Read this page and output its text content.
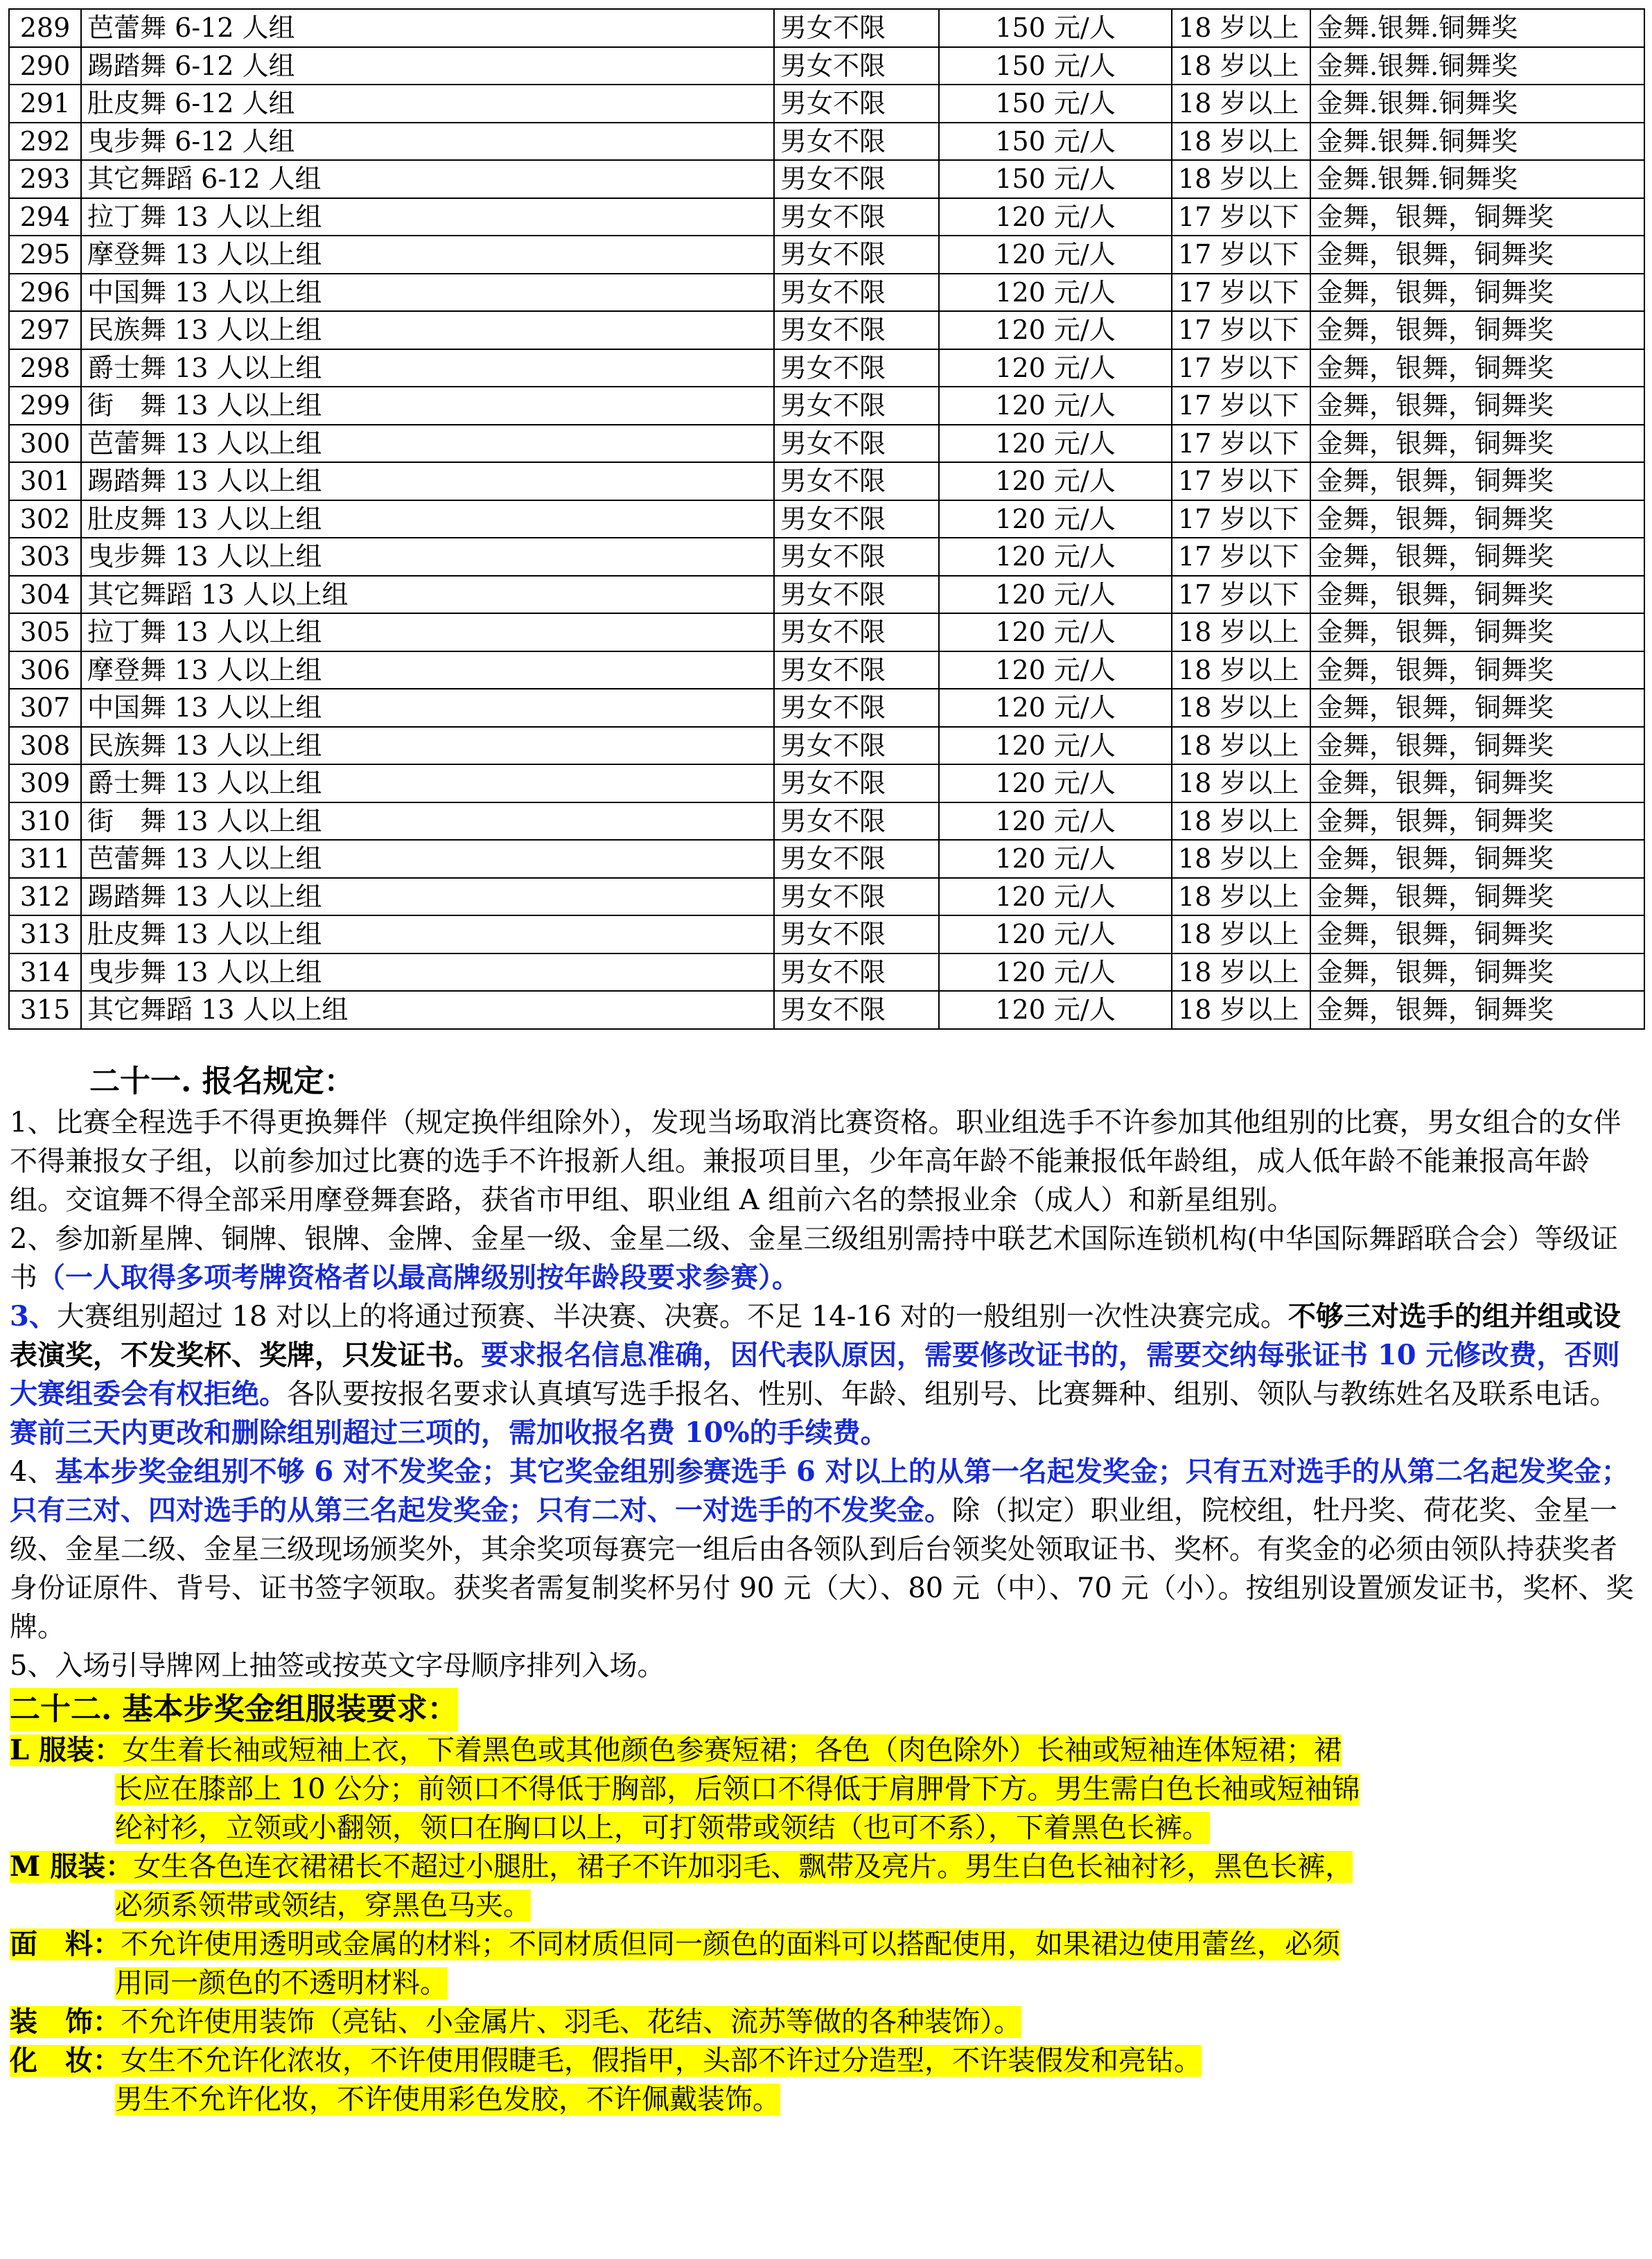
289	芭蕾舞 6-12 人组	男女不限	150 元/人	18 岁以上	金舞.银舞.铜舞奖
290	踢踏舞 6-12 人组	男女不限	150 元/人	18 岁以上	金舞.银舞.铜舞奖
291	肚皮舞 6-12 人组	男女不限	150 元/人	18 岁以上	金舞.银舞.铜舞奖
292	曳步舞 6-12 人组	男女不限	150 元/人	18 岁以上	金舞.银舞.铜舞奖
293	其它舞蹈 6-12 人组	男女不限	150 元/人	18 岁以上	金舞.银舞.铜舞奖
294	拉丁舞 13 人以上组	男女不限	120 元/人	17 岁以下	金舞，银舞，铜舞奖
295	摩登舞 13 人以上组	男女不限	120 元/人	17 岁以下	金舞，银舞，铜舞奖
296	中国舞 13 人以上组	男女不限	120 元/人	17 岁以下	金舞，银舞，铜舞奖
297	民族舞 13 人以上组	男女不限	120 元/人	17 岁以下	金舞，银舞，铜舞奖
298	爵士舞 13 人以上组	男女不限	120 元/人	17 岁以下	金舞，银舞，铜舞奖
299	街　舞 13 人以上组	男女不限	120 元/人	17 岁以下	金舞，银舞，铜舞奖
300	芭蕾舞 13 人以上组	男女不限	120 元/人	17 岁以下	金舞，银舞，铜舞奖
301	踢踏舞 13 人以上组	男女不限	120 元/人	17 岁以下	金舞，银舞，铜舞奖
302	肚皮舞 13 人以上组	男女不限	120 元/人	17 岁以下	金舞，银舞，铜舞奖
303	曳步舞 13 人以上组	男女不限	120 元/人	17 岁以下	金舞，银舞，铜舞奖
304	其它舞蹈 13 人以上组	男女不限	120 元/人	17 岁以下	金舞，银舞，铜舞奖
305	拉丁舞 13 人以上组	男女不限	120 元/人	18 岁以上	金舞，银舞，铜舞奖
306	摩登舞 13 人以上组	男女不限	120 元/人	18 岁以上	金舞，银舞，铜舞奖
307	中国舞 13 人以上组	男女不限	120 元/人	18 岁以上	金舞，银舞，铜舞奖
308	民族舞 13 人以上组	男女不限	120 元/人	18 岁以上	金舞，银舞，铜舞奖
309	爵士舞 13 人以上组	男女不限	120 元/人	18 岁以上	金舞，银舞，铜舞奖
310	街　舞 13 人以上组	男女不限	120 元/人	18 岁以上	金舞，银舞，铜舞奖
311	芭蕾舞 13 人以上组	男女不限	120 元/人	18 岁以上	金舞，银舞，铜舞奖
312	踢踏舞 13 人以上组	男女不限	120 元/人	18 岁以上	金舞，银舞，铜舞奖
313	肚皮舞 13 人以上组	男女不限	120 元/人	18 岁以上	金舞，银舞，铜舞奖
314	曳步舞 13 人以上组	男女不限	120 元/人	18 岁以上	金舞，银舞，铜舞奖
315	其它舞蹈 13 人以上组	男女不限	120 元/人	18 岁以上	金舞，银舞，铜舞奖

二十一. 报名规定：

1、比赛全程选手不得更换舞伴（规定换伴组除外），发现当场取消比赛资格。职业组选手不许参加其他组别的比赛，男女组合的女伴不得兼报女子组，以前参加过比赛的选手不许报新人组。兼报项目里，少年高年龄不能兼报低年龄组，成人低年龄不能兼报高年龄组。交谊舞不得全部采用摩登舞套路，获省市甲组、职业组 A 组前六名的禁报业余（成人）和新星组别。

2、参加新星牌、铜牌、银牌、金牌、金星一级、金星二级、金星三级组别需持中联艺术国际连锁机构(中华国际舞蹈联合会）等级证书（一人取得多项考牌资格者以最高牌级别按年龄段要求参赛）。

3、大赛组别超过 18 对以上的将通过预赛、半决赛、决赛。不足 14-16 对的一般组别一次性决赛完成。不够三对选手的组并组或设表演奖，不发奖杯、奖牌，只发证书。要求报名信息准确，因代表队原因，需要修改证书的，需要交纳每张证书 10 元修改费，否则大赛组委会有权拒绝。各队要按报名要求认真填写选手报名、性别、年龄、组别号、比赛舞种、组别、领队与教练姓名及联系电话。赛前三天内更改和删除组别超过三项的，需加收报名费 10%的手续费。

4、基本步奖金组别不够 6 对不发奖金；其它奖金组别参赛选手 6 对以上的从第一名起发奖金；只有五对选手的从第二名起发奖金；只有三对、四对选手的从第三名起发奖金；只有二对、一对选手的不发奖金。除（拟定）职业组，院校组，牡丹奖、荷花奖、金星一级、金星二级、金星三级现场颁奖外，其余奖项每赛完一组后由各领队到后台领奖处领取证书、奖杯。有奖金的必须由领队持获奖者身份证原件、背号、证书签字领取。获奖者需复制奖杯另付 90 元（大）、80 元（中）、70 元（小）。按组别设置颁发证书，奖杯、奖牌。

5、入场引导牌网上抽签或按英文字母顺序排列入场。

二十二. 基本步奖金组服装要求：

L 服装：女生着长袖或短袖上衣，下着黑色或其他颜色参赛短裙；各色（肉色除外）长袖或短袖连体短裙；裙

长应在膝部上 10 公分；前领口不得低于胸部，后领口不得低于肩胛骨下方。男生需白色长袖或短袖锦

纶衬衫，立领或小翻领，领口在胸口以上，可打领带或领结（也可不系），下着黑色长裤。

M 服装：女生各色连衣裙裙长不超过小腿肚，裙子不许加羽毛、飘带及亮片。男生白色长袖衬衫，黑色长裤，

必须系领带或领结，穿黑色马夹。

面　料：不允许使用透明或金属的材料；不同材质但同一颜色的面料可以搭配使用，如果裙边使用蕾丝，必须

用同一颜色的不透明材料。

装　饰：不允许使用装饰（亮钻、小金属片、羽毛、花结、流苏等做的各种装饰）。

化　妆：女生不允许化浓妆，不许使用假睫毛，假指甲，头部不许过分造型，不许装假发和亮钻。

男生不允许化妆，不许使用彩色发胶，不许佩戴装饰。
